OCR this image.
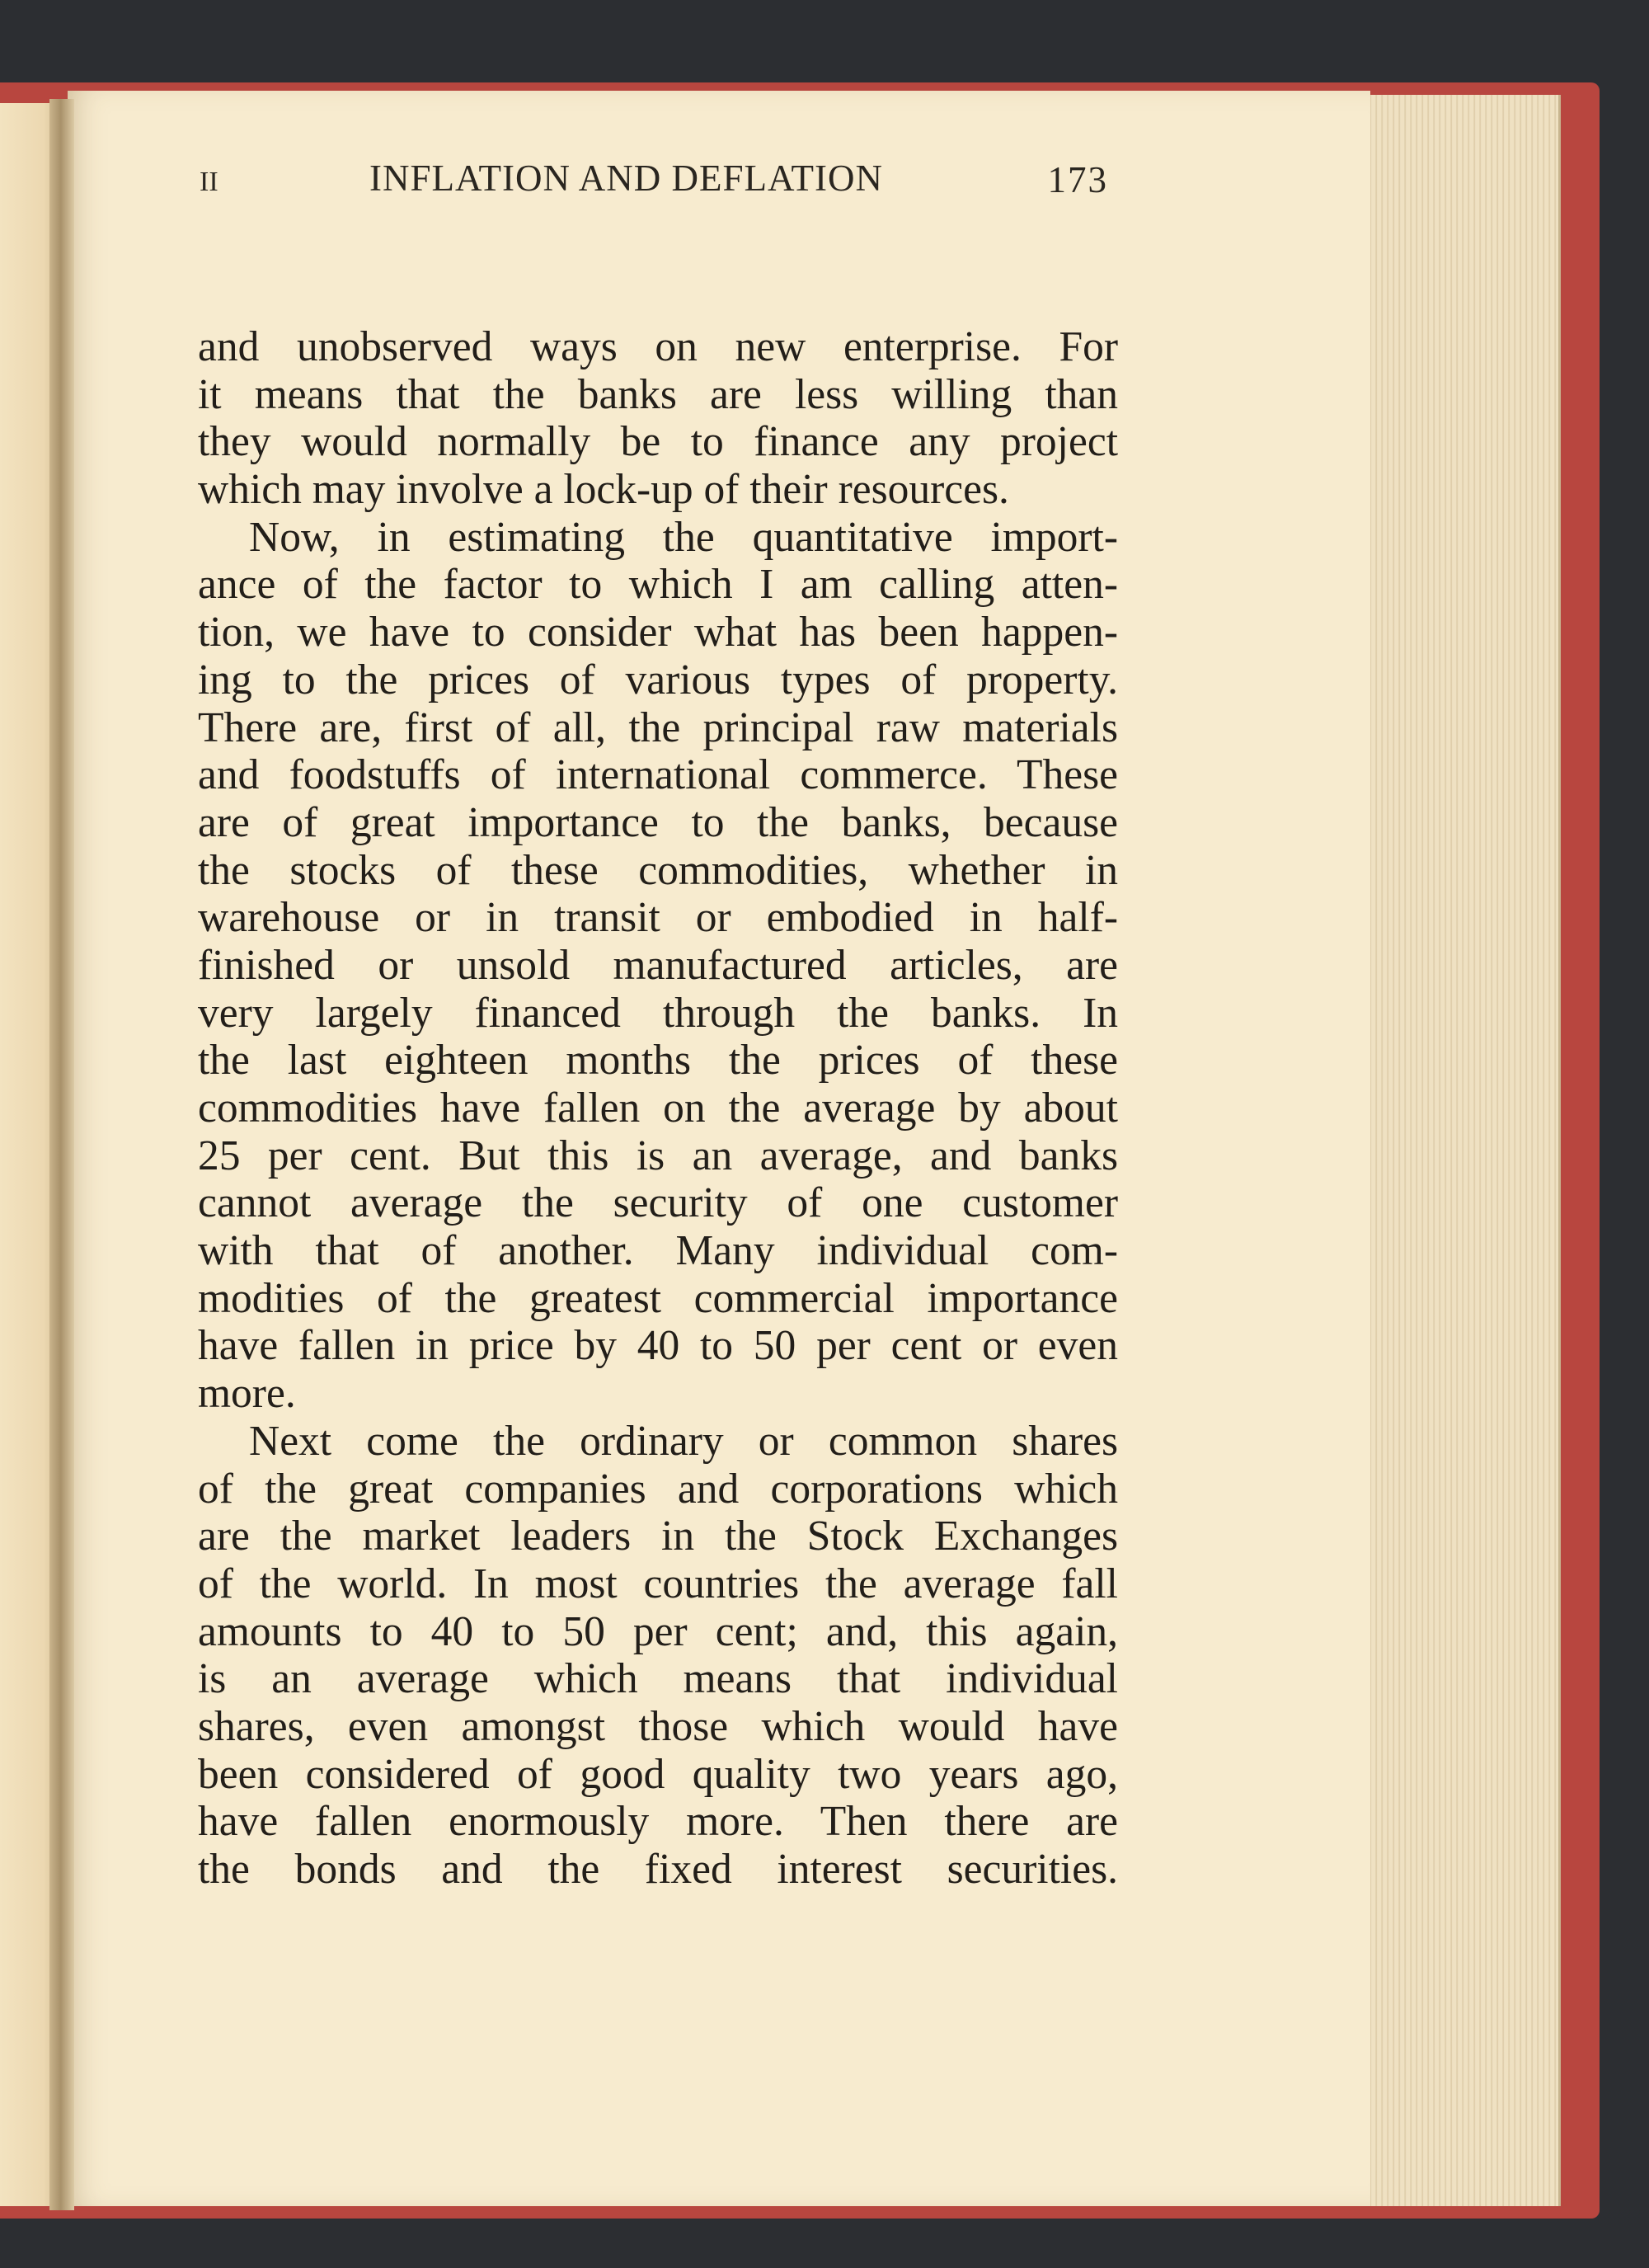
II	INFLATION AND DEFLATION	173
and unobserved ways on new enterprise. For
it means that the banks are less willing than
they would normally be to finance any project
which may involve a lock-up of their resources.
Now, in estimating the quantitative import-
ance of the factor to which I am calling atten-
tion, we have to consider what has been happen-
ing to the prices of various types of property.
There are, first of all, the principal raw materials
and foodstuffs of international commerce. These
are of great importance to the banks, because
the stocks of these commodities, whether in
warehouse or in transit or embodied in half-
finished or unsold manufactured articles, are
very largely financed through the banks. In
the last eighteen months the prices of these
commodities have fallen on the average by about
25 per cent. But this is an average, and banks
cannot average the security of one customer
with that of another. Many individual com-
modities of the greatest commercial importance
have fallen in price by 40 to 50 per cent or even
more.
Next come the ordinary or common shares
of the great companies and corporations which
are the market leaders in the Stock Exchanges
of the world. In most countries the average fall
amounts to 40 to 50 per cent; and, this again,
is an average which means that individual
shares, even amongst those which would have
been considered of good quality two years ago,
have fallen enormously more. Then there are
the bonds and the fixed interest securities.
